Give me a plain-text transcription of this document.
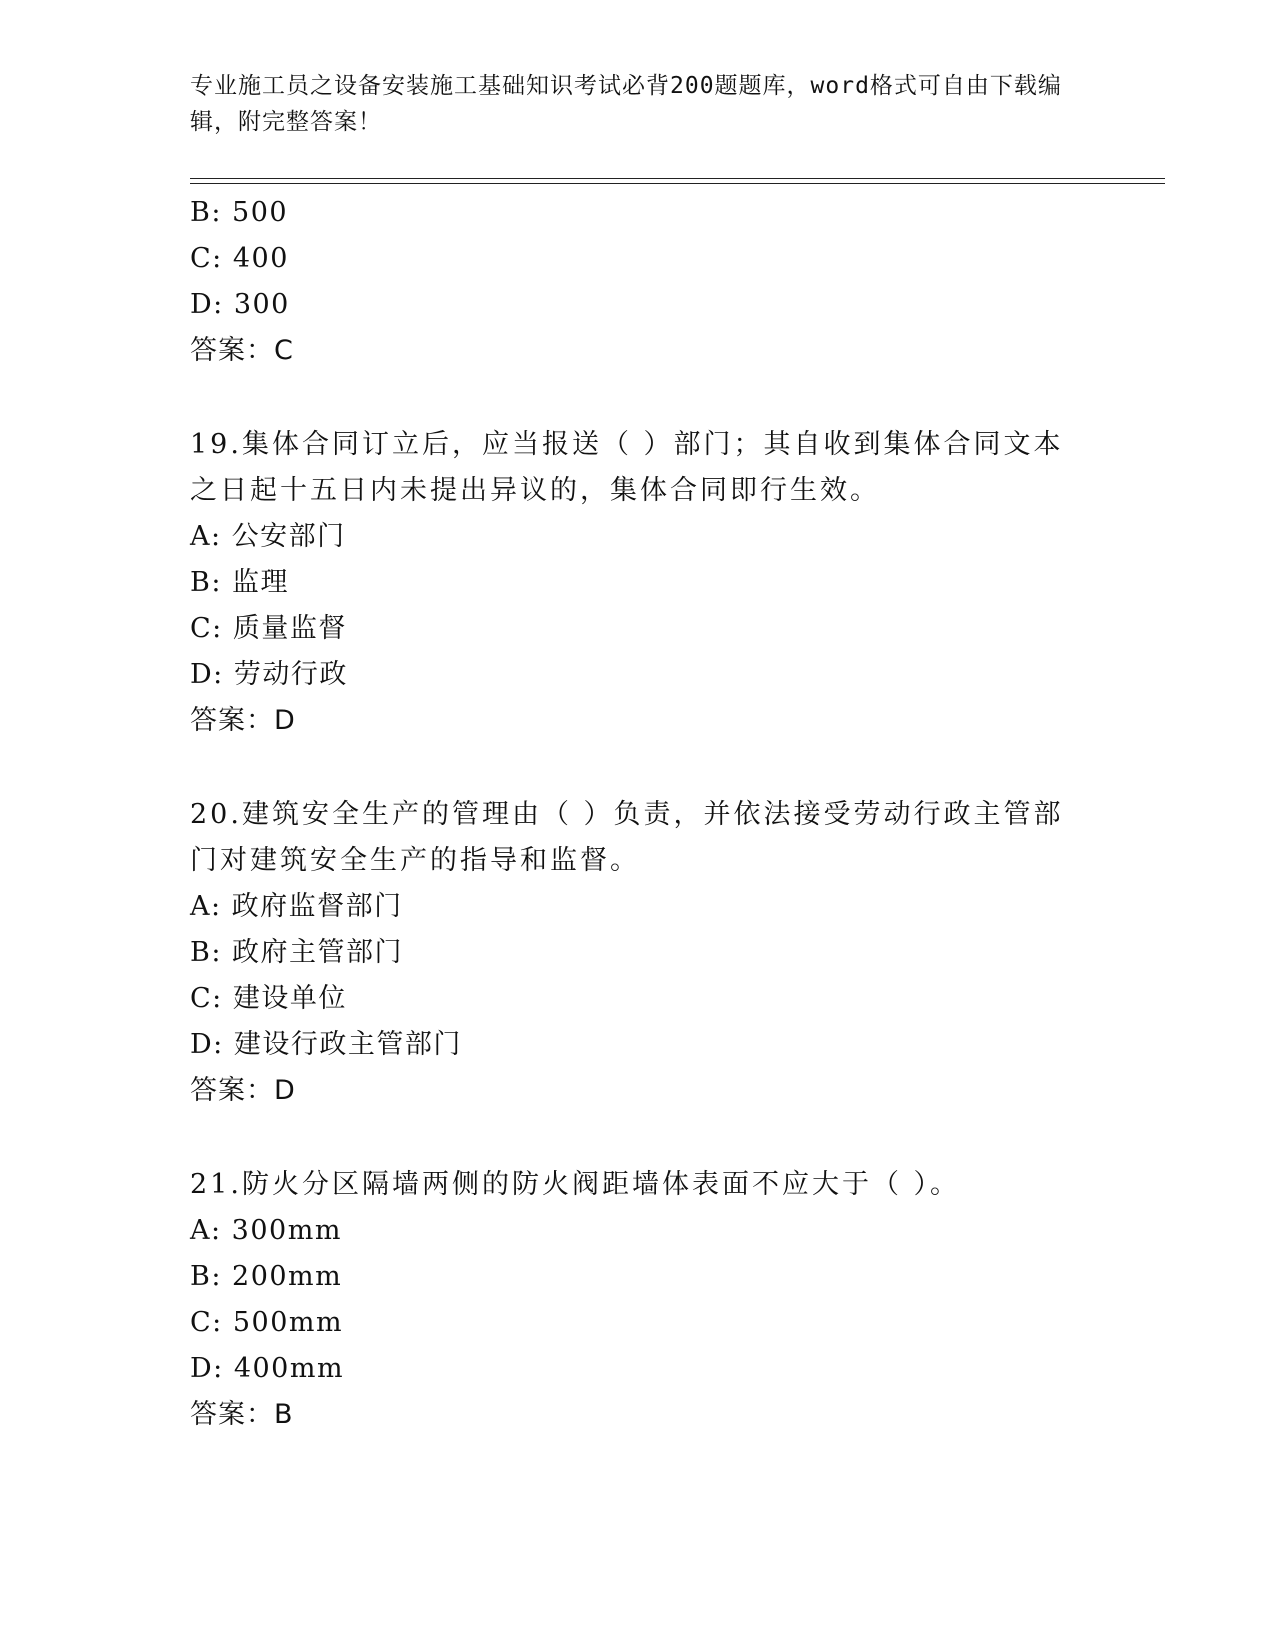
专业施工员之设备安装施工基础知识考试必背200题题库，word格式可自由下载编辑，附完整答案！
B: 500
C: 400
D: 300
答案：C
19.集体合同订立后，应当报送（ ）部门；其自收到集体合同文本之日起十五日内未提出异议的，集体合同即行生效。
A: 公安部门
B: 监理
C: 质量监督
D: 劳动行政
答案：D
20.建筑安全生产的管理由（ ）负责，并依法接受劳动行政主管部门对建筑安全生产的指导和监督。
A: 政府监督部门
B: 政府主管部门
C: 建设单位
D: 建设行政主管部门
答案：D
21.防火分区隔墙两侧的防火阀距墙体表面不应大于（ ）。
A: 300mm
B: 200mm
C: 500mm
D: 400mm
答案：B
